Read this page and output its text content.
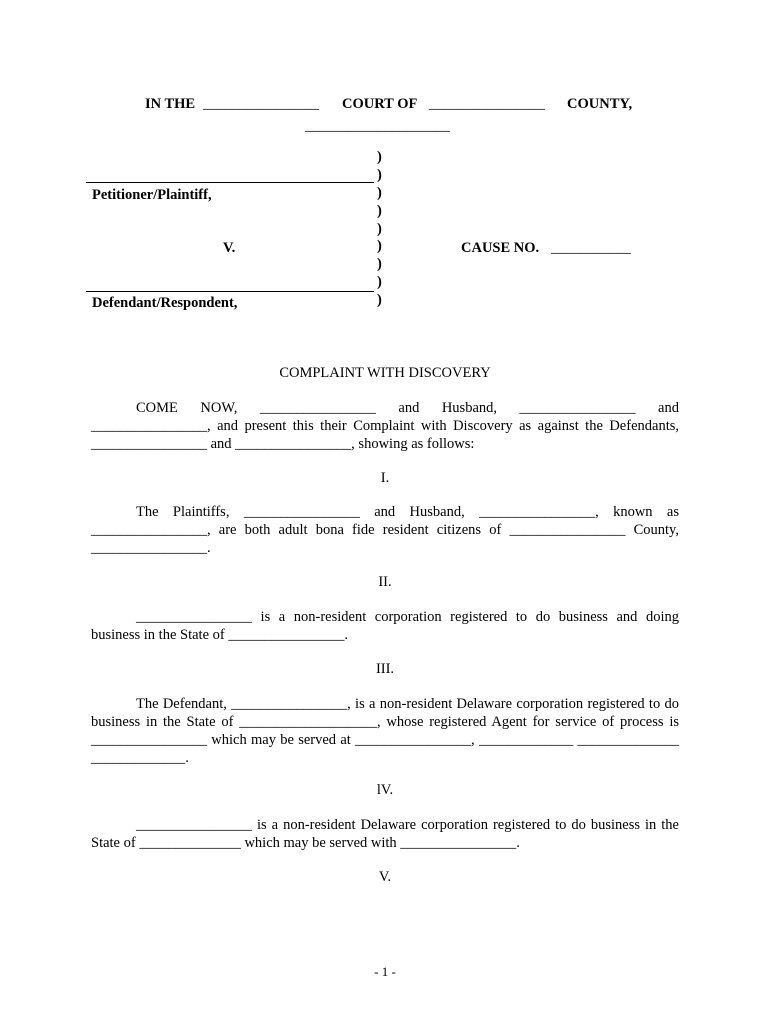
IN THE ________________ COURT OF ________________ COUNTY,
____________________
Petitioner/Plaintiff,
V.
Defendant/Respondent,
)
)
)
)
)
)
)
)
)
CAUSE NO. ___________
COMPLAINT WITH DISCOVERY
COME NOW, ________________ and Husband, ________________ and ________________, and present this their Complaint with Discovery as against the Defendants, ________________ and ________________, showing as follows:
I.
The Plaintiffs, ________________ and Husband, ________________, known as ________________, are both adult bona fide resident citizens of ________________ County, ________________.
II.
________________ is a non-resident corporation registered to do business and doing business in the State of ________________.
III.
The Defendant, ________________, is a non-resident Delaware corporation registered to do business in the State of ___________________, whose registered Agent for service of process is ________________ which may be served at ________________, _____________ ______________ _____________.
lV.
________________ is a non-resident Delaware corporation registered to do business in the State of ______________ which may be served with ________________.
V.
- 1 -
